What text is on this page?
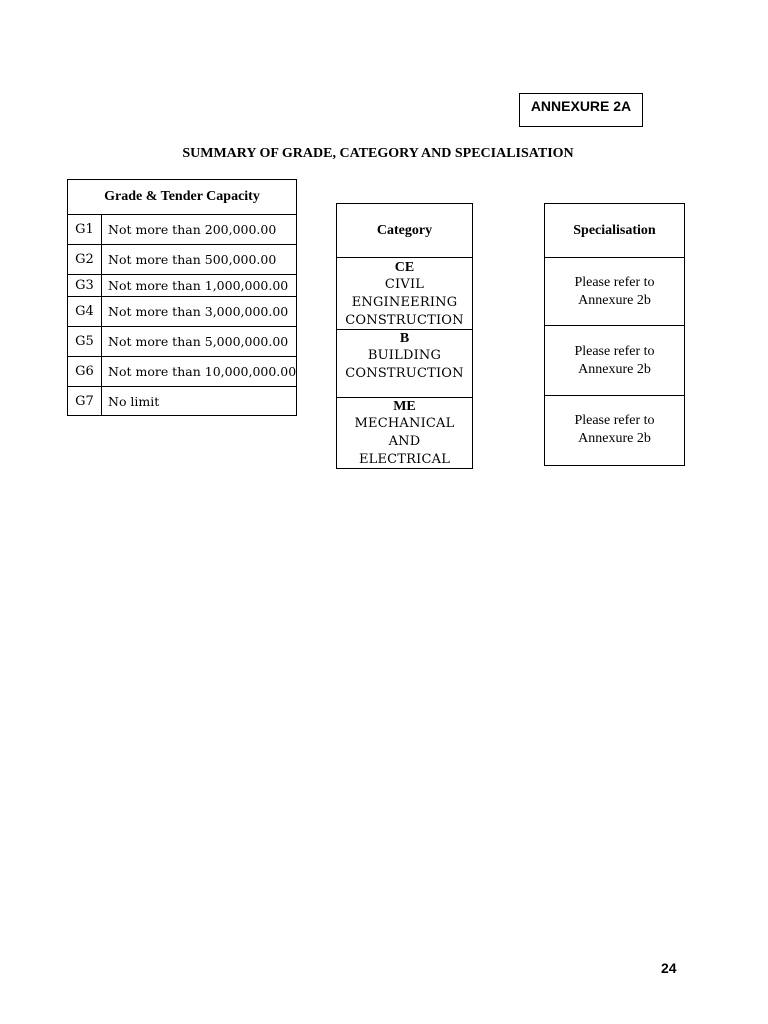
ANNEXURE 2A
SUMMARY OF GRADE, CATEGORY AND SPECIALISATION
Grade & Tender Capacity
G1	Not more than 200,000.00
G2	Not more than 500,000.00
G3	Not more than 1,000,000.00
G4	Not more than 3,000,000.00
G5	Not more than 5,000,000.00
G6	Not more than 10,000,000.00
G7	No limit
Category
CE
CIVIL
ENGINEERING
CONSTRUCTION
B
BUILDING
CONSTRUCTION
ME
MECHANICAL
AND
ELECTRICAL
Specialisation
Please refer to
Annexure 2b
Please refer to
Annexure 2b
Please refer to
Annexure 2b
24
